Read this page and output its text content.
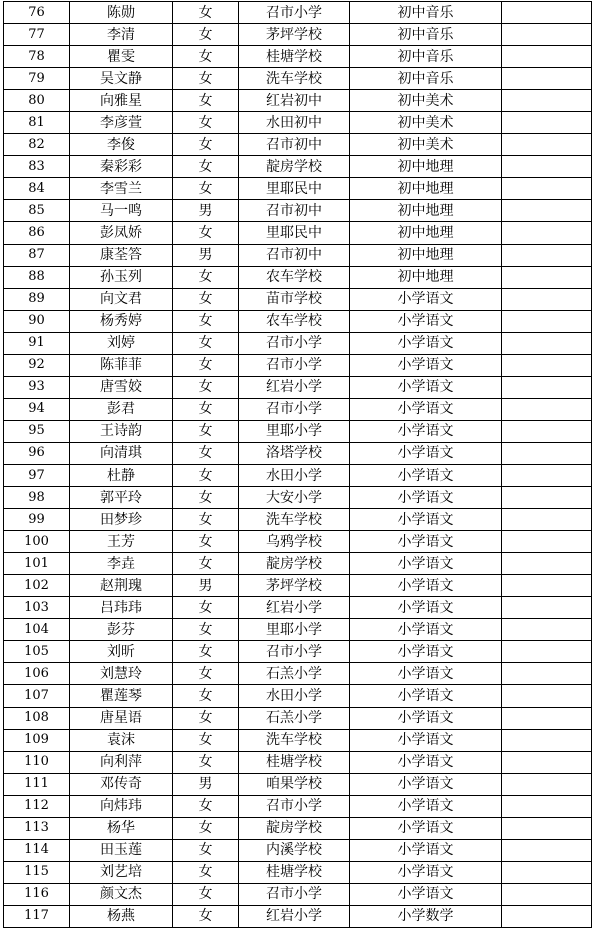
76	陈勋	女	召市小学	初中音乐	
77	李清	女	茅坪学校	初中音乐	
78	瞿雯	女	桂塘学校	初中音乐	
79	吴文静	女	洗车学校	初中音乐	
80	向雅星	女	红岩初中	初中美术	
81	李彦萱	女	水田初中	初中美术	
82	李俊	女	召市初中	初中美术	
83	秦彩彩	女	靛房学校	初中地理	
84	李雪兰	女	里耶民中	初中地理	
85	马一鸣	男	召市初中	初中地理	
86	彭凤娇	女	里耶民中	初中地理	
87	康荃答	男	召市初中	初中地理	
88	孙玉列	女	农车学校	初中地理	
89	向文君	女	苗市学校	小学语文	
90	杨秀婷	女	农车学校	小学语文	
91	刘婷	女	召市小学	小学语文	
92	陈菲菲	女	召市小学	小学语文	
93	唐雪姣	女	红岩小学	小学语文	
94	彭君	女	召市小学	小学语文	
95	王诗韵	女	里耶小学	小学语文	
96	向清琪	女	洛塔学校	小学语文	
97	杜静	女	水田小学	小学语文	
98	郭平玲	女	大安小学	小学语文	
99	田梦珍	女	洗车学校	小学语文	
100	王芳	女	乌鸦学校	小学语文	
101	李垚	女	靛房学校	小学语文	
102	赵荆瑰	男	茅坪学校	小学语文	
103	吕玮玮	女	红岩小学	小学语文	
104	彭芬	女	里耶小学	小学语文	
105	刘昕	女	召市小学	小学语文	
106	刘慧玲	女	石羔小学	小学语文	
107	瞿莲琴	女	水田小学	小学语文	
108	唐星语	女	石羔小学	小学语文	
109	袁沫	女	洗车学校	小学语文	
110	向利萍	女	桂塘学校	小学语文	
111	邓传奇	男	咱果学校	小学语文	
112	向炜玮	女	召市小学	小学语文	
113	杨华	女	靛房学校	小学语文	
114	田玉莲	女	内溪学校	小学语文	
115	刘艺培	女	桂塘学校	小学语文	
116	颜文杰	女	召市小学	小学语文	
117	杨燕	女	红岩小学	小学数学	
